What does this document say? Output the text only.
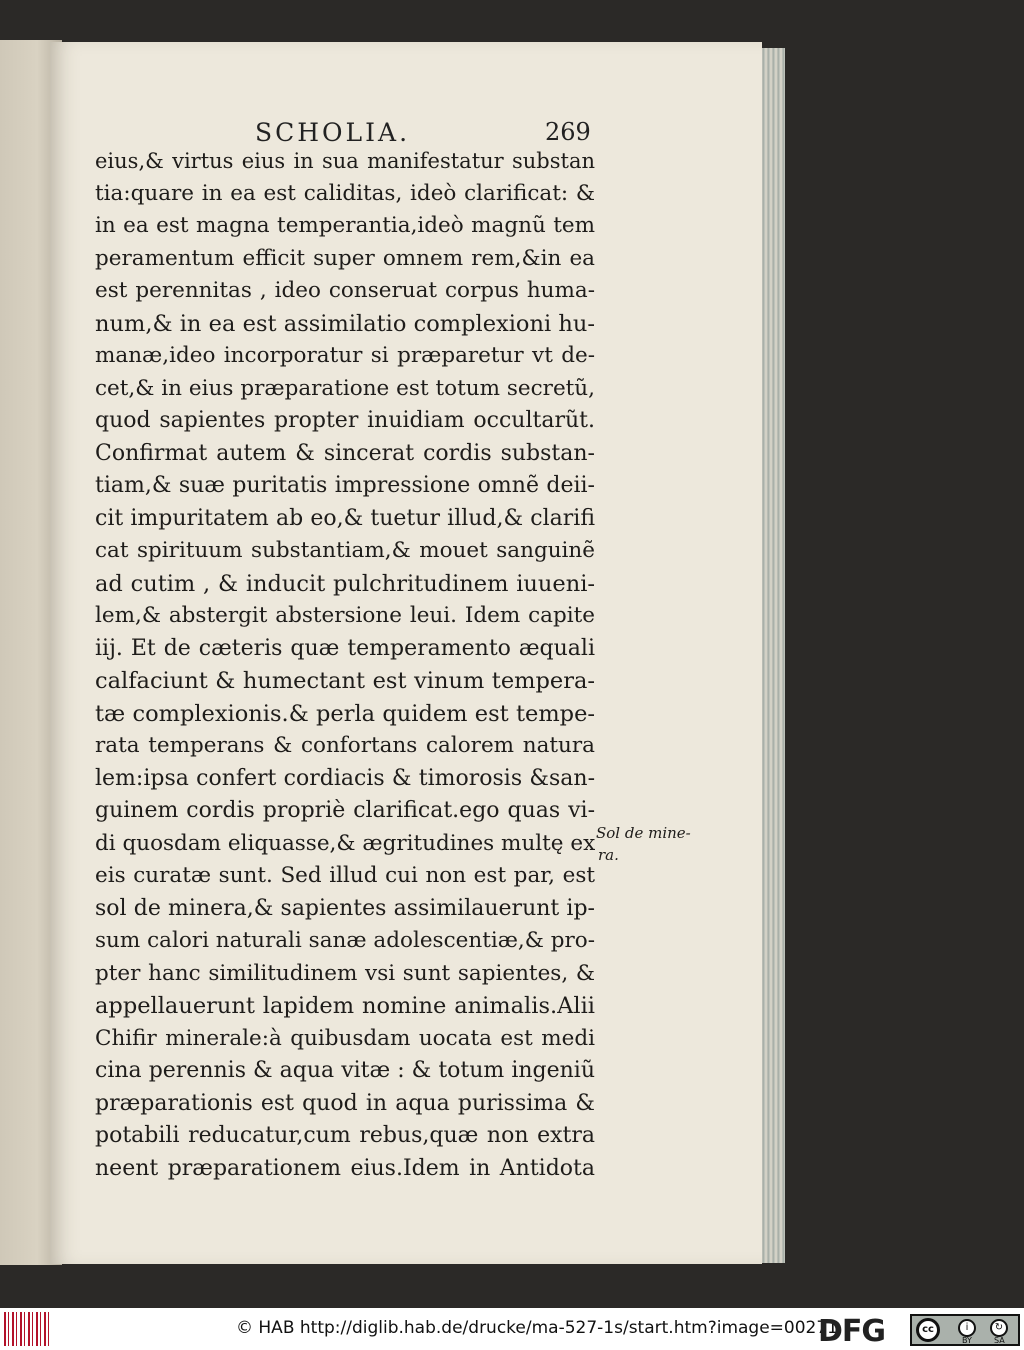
SCHOLIA.	269
eius,& virtus eius in sua manifestatur substan
tia:quare in ea est caliditas, ideò clarificat: &
in ea est magna temperantia,ideò magnũ tem
peramentum efficit super omnem rem,&in ea
est perennitas , ideo conseruat corpus huma-
num,& in ea est assimilatio complexioni hu-
manæ,ideo incorporatur si præparetur vt de-
cet,& in eius præparatione est totum secretũ,
quod sapientes propter inuidiam occultarũt.
Confirmat autem & sincerat cordis substan-
tiam,& suæ puritatis impressione omnẽ deii-
cit impuritatem ab eo,& tuetur illud,& clarifi
cat spirituum substantiam,& mouet sanguinẽ
ad cutim , & inducit pulchritudinem iuueni-
lem,& abstergit abstersione leui. Idem capite
iij. Et de cæteris quæ temperamento æquali
calfaciunt & humectant est vinum tempera-
tæ complexionis.& perla quidem est tempe-
rata temperans & confortans calorem natura
lem:ipsa confert cordiacis & timorosis &san-
guinem cordis propriè clarificat.ego quas vi-
di quosdam eliquasse,& ægritudines multę ex
eis curatæ sunt. Sed illud cui non est par, est
sol de minera,& sapientes assimilauerunt ip-
sum calori naturali sanæ adolescentiæ,& pro-
pter hanc similitudinem vsi sunt sapientes, &
appellauerunt lapidem nomine animalis.Alii
Chifir minerale:à quibusdam uocata est medi
cina perennis & aqua vitæ : & totum ingeniũ
præparationis est quod in aqua purissima &
potabili reducatur,cum rebus,quæ non extra
neent præparationem eius.Idem in Antidota
Sol de mine-
ra.
© HAB http://diglib.hab.de/drucke/ma-527-1s/start.htm?image=00271
DFG	cc	i	↻
BY	SA
